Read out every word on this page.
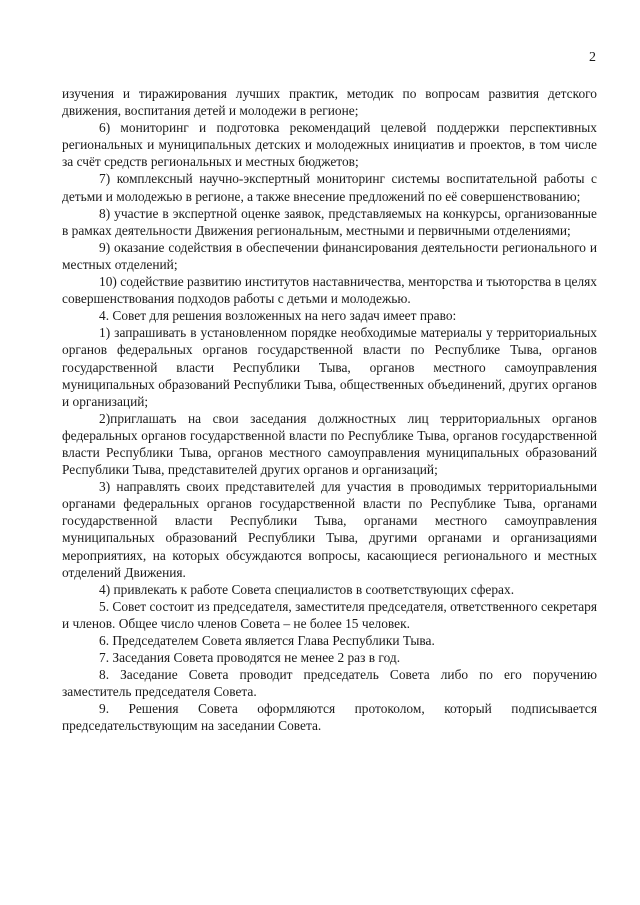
2

изучения и тиражирования лучших практик, методик по вопросам развития детского движения, воспитания детей и молодежи в регионе;

6) мониторинг и подготовка рекомендаций целевой поддержки перспективных региональных и муниципальных детских и молодежных инициатив и проектов, в том числе за счёт средств региональных и местных бюджетов;

7) комплексный научно-экспертный мониторинг системы воспитательной работы с детьми и молодежью в регионе, а также внесение предложений по её совершенствованию;

8) участие в экспертной оценке заявок, представляемых на конкурсы, организованные в рамках деятельности Движения региональным, местными и первичными отделениями;

9) оказание содействия в обеспечении финансирования деятельности регионального и местных отделений;

10) содействие развитию институтов наставничества, менторства и тьюторства в целях совершенствования подходов работы с детьми и молодежью.

4. Совет для решения возложенных на него задач имеет право:

1) запрашивать в установленном порядке необходимые материалы у территориальных органов федеральных органов государственной власти по Республике Тыва, органов государственной власти Республики Тыва, органов местного самоуправления муниципальных образований Республики Тыва, общественных объединений, других органов и организаций;

2)приглашать на свои заседания должностных лиц территориальных органов федеральных органов государственной власти по Республике Тыва, органов государственной власти Республики Тыва, органов местного самоуправления муниципальных образований Республики Тыва, представителей других органов и организаций;

3) направлять своих представителей для участия в проводимых территориальными органами федеральных органов государственной власти по Республике Тыва, органами государственной власти Республики Тыва, органами местного самоуправления муниципальных образований Республики Тыва, другими органами и организациями мероприятиях, на которых обсуждаются вопросы, касающиеся регионального и местных отделений Движения.

4) привлекать к работе Совета специалистов в соответствующих сферах.

5. Совет состоит из председателя, заместителя председателя, ответственного секретаря и членов. Общее число членов Совета – не более 15 человек.

6. Председателем Совета является Глава Республики Тыва.

7. Заседания Совета проводятся не менее 2 раз в год.

8. Заседание Совета проводит председатель Совета либо по его поручению заместитель председателя Совета.

9. Решения Совета оформляются протоколом, который подписывается председательствующим на заседании Совета.
